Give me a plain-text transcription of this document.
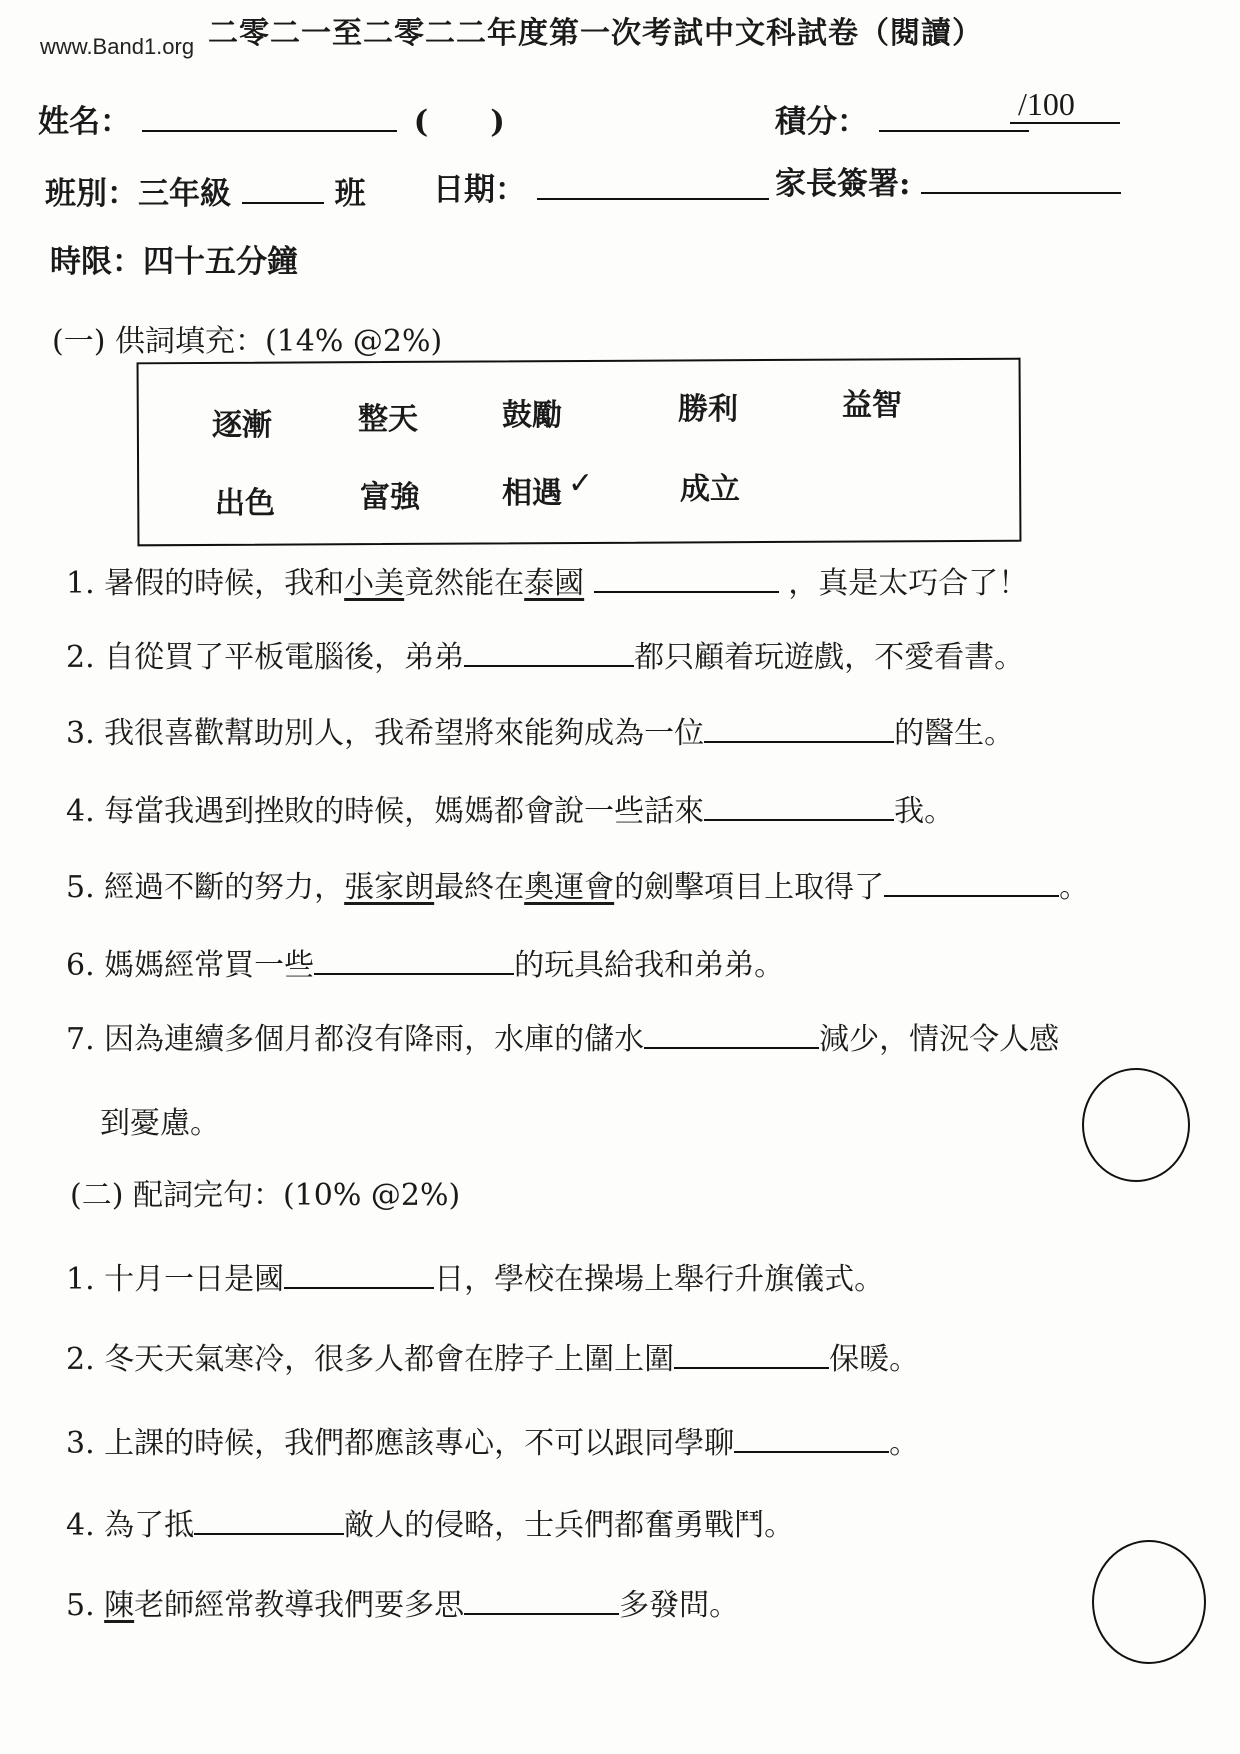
www.Band1.org 二零二一至二零二二年度第一次考試中文科試卷（閱讀）
姓名：	(　　)	積分：	/100
班別：三年級	班 日期：	家長簽署:
時限：四十五分鐘
(一) 供詞填充：(14% @2%)
逐漸	整天	鼓勵	勝利	益智
出色	富強	相遇 ✓	成立
1. 暑假的時候，我和小美竟然能在泰國	，真是太巧合了！
2. 自從買了平板電腦後，弟弟	都只顧着玩遊戲，不愛看書。
3. 我很喜歡幫助別人，我希望將來能夠成為一位	的醫生。
4. 每當我遇到挫敗的時候，媽媽都會說一些話來	我。
5. 經過不斷的努力，張家朗最終在奧運會的劍擊項目上取得了	。
6. 媽媽經常買一些	的玩具給我和弟弟。
7. 因為連續多個月都沒有降雨，水庫的儲水	減少，情況令人感
到憂慮。
(二) 配詞完句：(10% @2%)
1. 十月一日是國	日，學校在操場上舉行升旗儀式。
2. 冬天天氣寒冷，很多人都會在脖子上圍上圍	保暖。
3. 上課的時候，我們都應該專心，不可以跟同學聊	。
4. 為了抵	敵人的侵略，士兵們都奮勇戰鬥。
5. 陳老師經常教導我們要多思	多發問。
